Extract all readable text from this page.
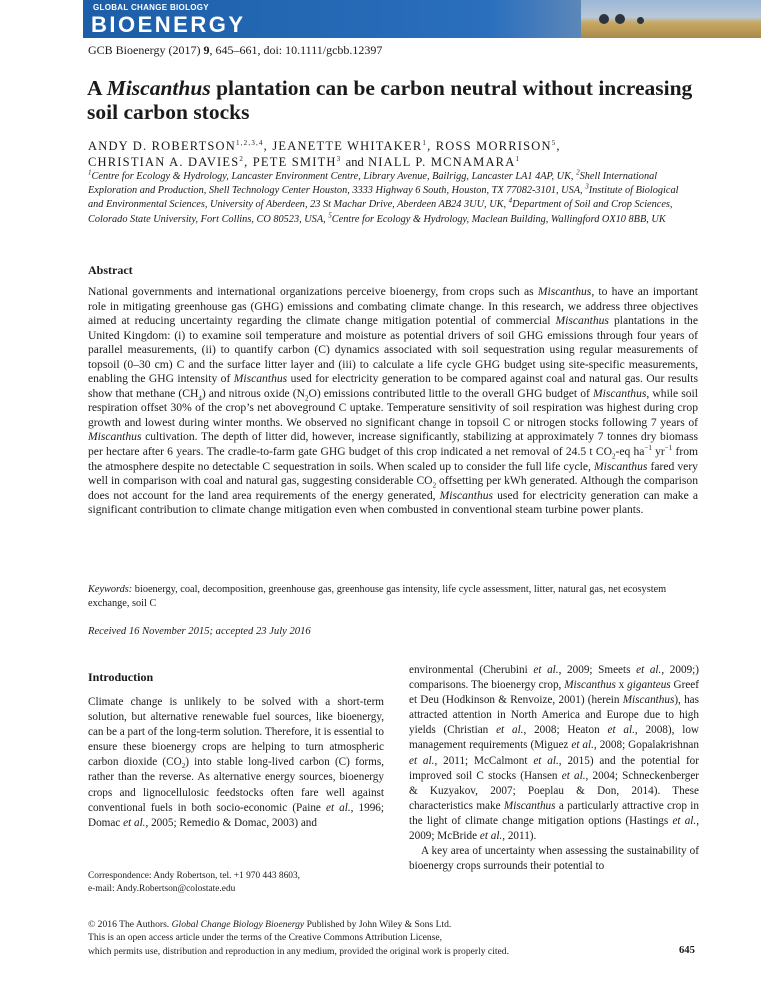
GLOBAL CHANGE BIOLOGY
BIOENERGY
GCB Bioenergy (2017) 9, 645–661, doi: 10.1111/gcbb.12397
A Miscanthus plantation can be carbon neutral without increasing soil carbon stocks
ANDY D. ROBERTSON$^{1,2,3,4}$, JEANETTE WHITAKER$^1$, ROSS MORRISON$^5$,
CHRISTIAN A. DAVIES$^2$, PETE SMITH$^3$ and NIALL P. MCNAMARA$^1$
$^1$Centre for Ecology & Hydrology, Lancaster Environment Centre, Library Avenue, Bailrigg, Lancaster LA1 4AP, UK, $^2$Shell International Exploration and Production, Shell Technology Center Houston, 3333 Highway 6 South, Houston, TX 77082-3101, USA, $^3$Institute of Biological and Environmental Sciences, University of Aberdeen, 23 St Machar Drive, Aberdeen AB24 3UU, UK, $^4$Department of Soil and Crop Sciences, Colorado State University, Fort Collins, CO 80523, USA, $^5$Centre for Ecology & Hydrology, Maclean Building, Wallingford OX10 8BB, UK
Abstract

National governments and international organizations perceive bioenergy, from crops such as Miscanthus, to have an important role in mitigating greenhouse gas (GHG) emissions and combating climate change. In this research, we address three objectives aimed at reducing uncertainty regarding the climate change mitigation potential of commercial Miscanthus plantations in the United Kingdom: (i) to examine soil temperature and moisture as potential drivers of soil GHG emissions through four years of parallel measurements, (ii) to quantify carbon (C) dynamics associated with soil sequestration using regular measurements of topsoil (0–30 cm) C and the surface litter layer and (iii) to calculate a life cycle GHG budget using site-specific measurements, enabling the GHG intensity of Miscanthus used for electricity generation to be compared against coal and natural gas. Our results show that methane $(CH_4)$ and nitrous oxide $(N_2O)$ emissions contributed little to the overall GHG budget of Miscanthus, while soil respiration offset 30% of the crop’s net aboveground C uptake. Temperature sensitivity of soil respiration was highest during crop growth and lowest during winter months. We observed no significant change in topsoil C or nitrogen stocks following 7 years of Miscanthus cultivation. The depth of litter did, however, increase significantly, stabilizing at approximately 7 tonnes dry biomass per hectare after 6 years. The cradle-to-farm gate GHG budget of this crop indicated a net removal of 24.5 t $CO_2-eq$ $ha^{-1}$ $yr^{-1}$ from the atmosphere despite no detectable C sequestration in soils. When scaled up to consider the full life cycle, Miscanthus fared very well in comparison with coal and natural gas, suggesting considerable $CO_2$ offsetting per kWh generated. Although the comparison does not account for the land area requirements of the energy generated, Miscanthus used for electricity generation can make a significant contribution to climate change mitigation even when combusted in conventional steam turbine power plants.

Keywords: bioenergy, coal, decomposition, greenhouse gas, greenhouse gas intensity, life cycle assessment, litter, natural gas, net ecosystem exchange, soil C
Received 16 November 2015; accepted 23 July 2016
Introduction

Climate change is unlikely to be solved with a short-term solution, but alternative renewable fuel sources, like bioenergy, can be a part of the long-term solution. Therefore, it is essential to ensure these bioenergy crops are helping to turn atmospheric carbon dioxide $(CO_2)$ into stable long-lived carbon (C) forms, rather than the reverse. As alternative energy sources, bioenergy crops and lignocellulosic feedstocks often fare well against conventional fuels in both socio-economic (Paine et al., 1996; Domac et al., 2005; Remedio & Domac, 2003) and

environmental (Cherubini et al., 2009; Smeets et al., 2009;) comparisons. The bioenergy crop, Miscanthus x giganteus Greef et Deu (Hodkinson & Renvoize, 2001) (herein Miscanthus), has attracted attention in North America and Europe due to high yields (Christian et al., 2008; Heaton et al., 2008), low management requirements (Miguez et al., 2008; Gopalakrishnan et al., 2011; McCalmont et al., 2015) and the potential for improved soil C stocks (Hansen et al., 2004; Schneckenberger & Kuzyakov, 2007; Poeplau & Don, 2014). These characteristics make Miscanthus a particularly attractive crop in the light of climate change mitigation options (Hastings et al., 2009; McBride et al., 2011).

A key area of uncertainty when assessing the sustainability of bioenergy crops surrounds their potential to

Correspondence: Andy Robertson, tel. +1 970 443 8603,
e-mail: Andy.Robertson@colostate.edu
© 2016 The Authors. Global Change Biology Bioenergy Published by John Wiley & Sons Ltd.
This is an open access article under the terms of the Creative Commons Attribution License,
which permits use, distribution and reproduction in any medium, provided the original work is properly cited.	645
